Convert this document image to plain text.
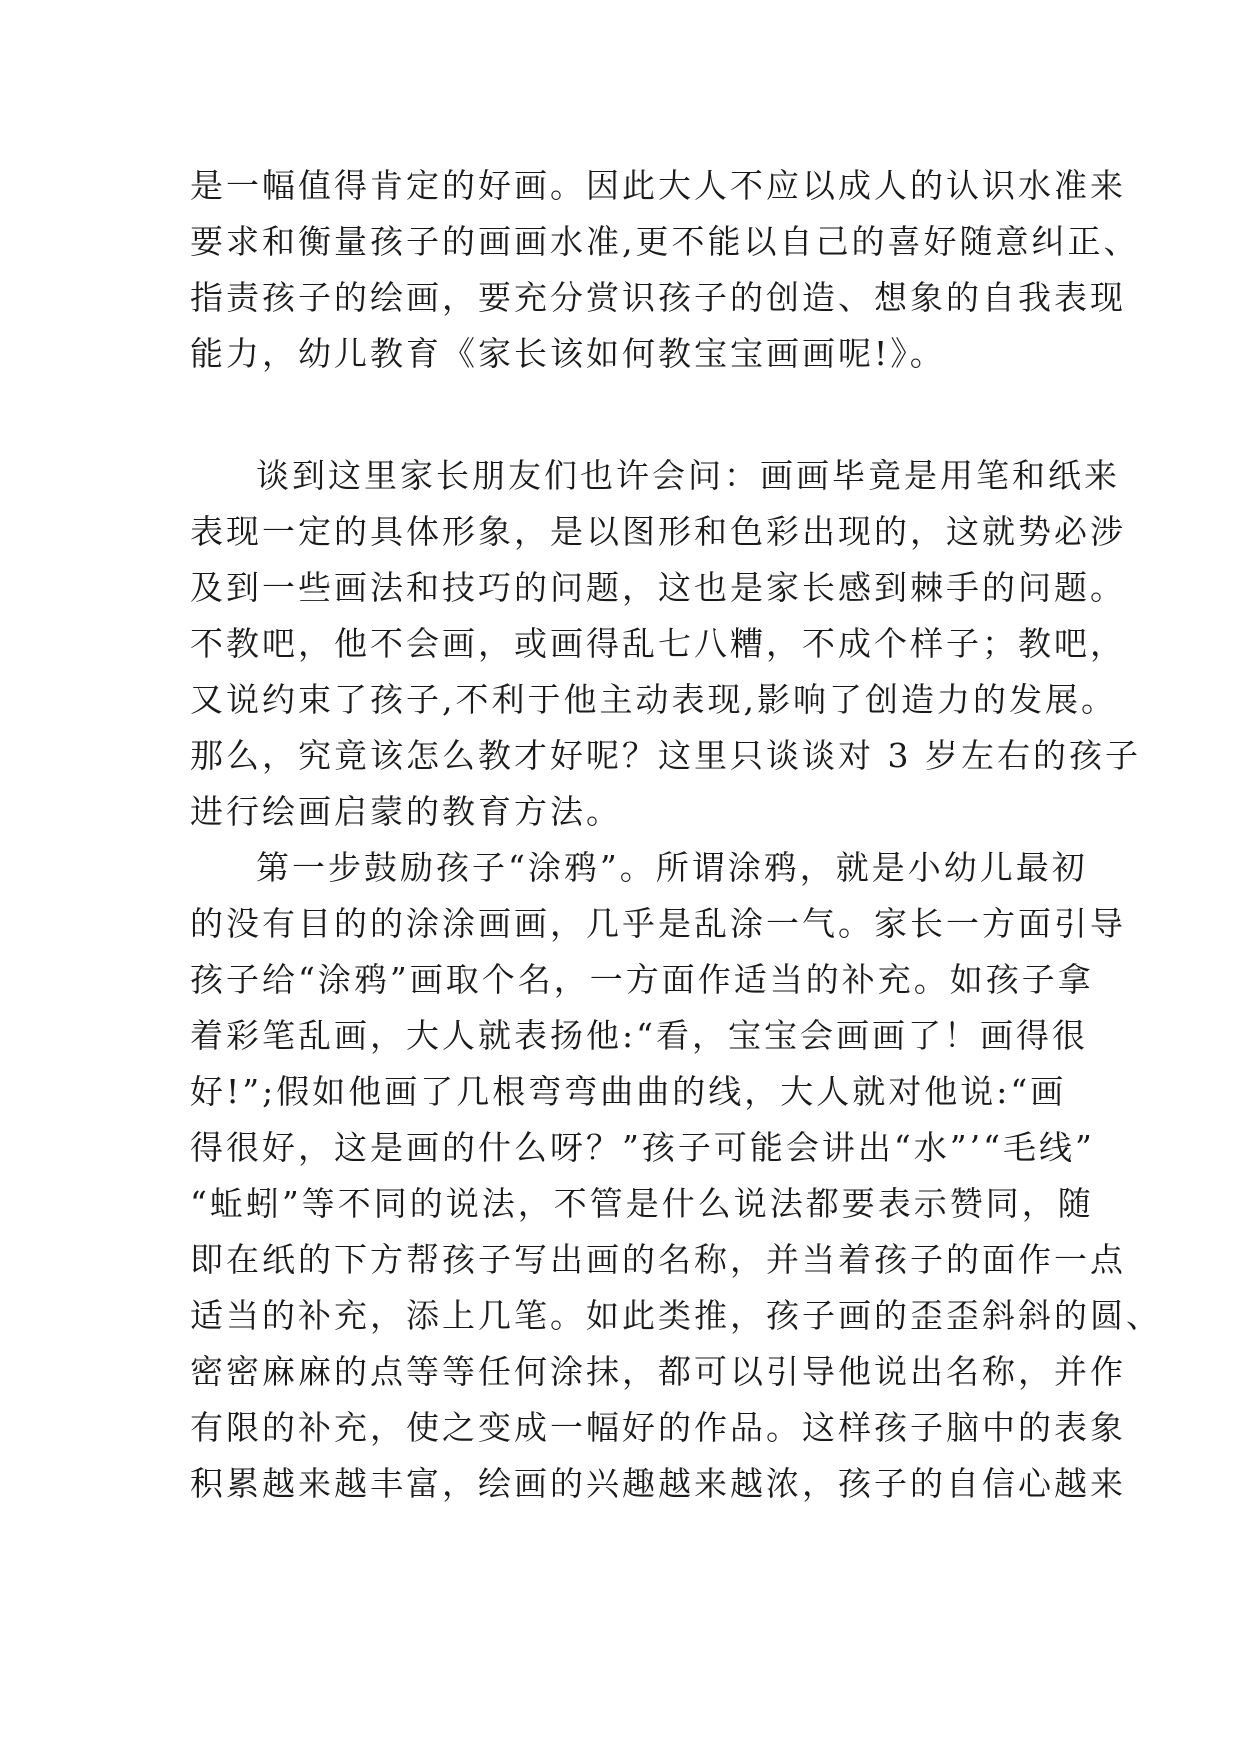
是一幅值得肯定的好画。因此大人不应以成人的认识水准来
要求和衡量孩子的画画水准,更不能以自己的喜好随意纠正、
指责孩子的绘画，要充分赏识孩子的创造、想象的自我表现
能力，幼儿教育《家长该如何教宝宝画画呢!》。
谈到这里家长朋友们也许会问：画画毕竟是用笔和纸来
表现一定的具体形象，是以图形和色彩出现的，这就势必涉
及到一些画法和技巧的问题，这也是家长感到棘手的问题。
不教吧，他不会画，或画得乱七八糟，不成个样子；教吧，
又说约束了孩子,不利于他主动表现,影响了创造力的发展。
那么，究竟该怎么教才好呢？这里只谈谈对 3 岁左右的孩子
进行绘画启蒙的教育方法。
第一步鼓励孩子“涂鸦”。所谓涂鸦，就是小幼儿最初
的没有目的的涂涂画画，几乎是乱涂一气。家长一方面引导
孩子给“涂鸦”画取个名，一方面作适当的补充。如孩子拿
着彩笔乱画，大人就表扬他:“看，宝宝会画画了！画得很
好!”;假如他画了几根弯弯曲曲的线，大人就对他说:“画
得很好，这是画的什么呀？”孩子可能会讲出“水”’“毛线”
“蚯蚓”等不同的说法，不管是什么说法都要表示赞同，随
即在纸的下方帮孩子写出画的名称，并当着孩子的面作一点
适当的补充，添上几笔。如此类推，孩子画的歪歪斜斜的圆、
密密麻麻的点等等任何涂抹，都可以引导他说出名称，并作
有限的补充，使之变成一幅好的作品。这样孩子脑中的表象
积累越来越丰富，绘画的兴趣越来越浓，孩子的自信心越来
